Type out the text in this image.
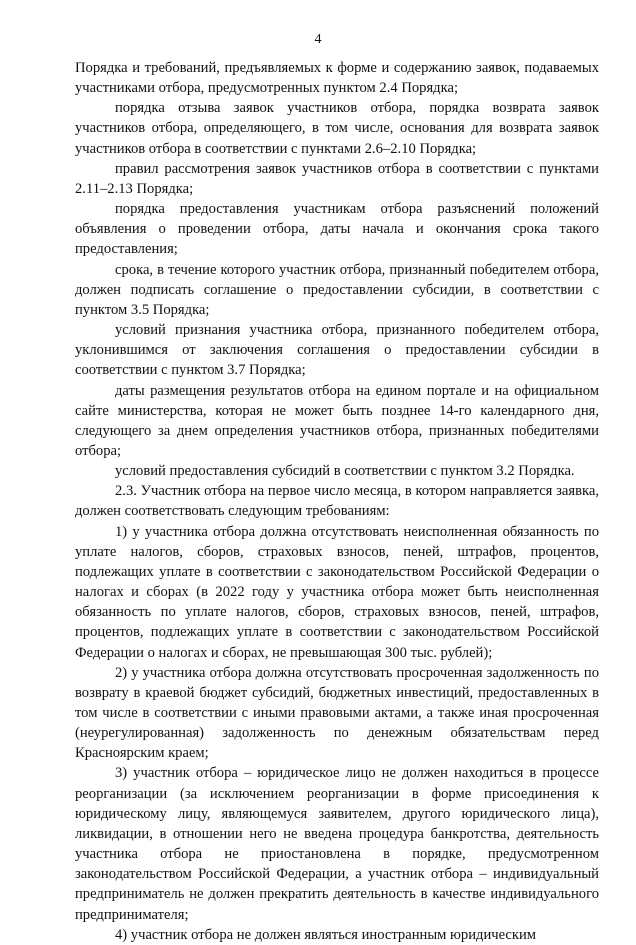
4

Порядка и требований, предъявляемых к форме и содержанию заявок, подаваемых участниками отбора, предусмотренных пунктом 2.4 Порядка;

порядка отзыва заявок участников отбора, порядка возврата заявок участников отбора, определяющего, в том числе, основания для возврата заявок участников отбора в соответствии с пунктами 2.6–2.10 Порядка;

правил рассмотрения заявок участников отбора в соответствии с пунктами 2.11–2.13 Порядка;

порядка предоставления участникам отбора разъяснений положений объявления о проведении отбора, даты начала и окончания срока такого предоставления;

срока, в течение которого участник отбора, признанный победителем отбора, должен подписать соглашение о предоставлении субсидии, в соответствии с пунктом 3.5 Порядка;

условий признания участника отбора, признанного победителем отбора, уклонившимся от заключения соглашения о предоставлении субсидии в соответствии с пунктом 3.7 Порядка;

даты размещения результатов отбора на едином портале и на официальном сайте министерства, которая не может быть позднее 14-го календарного дня, следующего за днем определения участников отбора, признанных победителями отбора;

условий предоставления субсидий в соответствии с пунктом 3.2 Порядка.

2.3. Участник отбора на первое число месяца, в котором направляется заявка, должен соответствовать следующим требованиям:

1) у участника отбора должна отсутствовать неисполненная обязанность по уплате налогов, сборов, страховых взносов, пеней, штрафов, процентов, подлежащих уплате в соответствии с законодательством Российской Федерации о налогах и сборах (в 2022 году у участника отбора может быть неисполненная обязанность по уплате налогов, сборов, страховых взносов, пеней, штрафов, процентов, подлежащих уплате в соответствии с законодательством Российской Федерации о налогах и сборах, не превышающая 300 тыс. рублей);

2) у участника отбора должна отсутствовать просроченная задолженность по возврату в краевой бюджет субсидий, бюджетных инвестиций, предоставленных в том числе в соответствии с иными правовыми актами, а также иная просроченная (неурегулированная) задолженность по денежным обязательствам перед Красноярским краем;

3) участник отбора – юридическое лицо не должен находиться в процессе реорганизации (за исключением реорганизации в форме присоединения к юридическому лицу, являющемуся заявителем, другого юридического лица), ликвидации, в отношении него не введена процедура банкротства, деятельность участника отбора не приостановлена в порядке, предусмотренном законодательством Российской Федерации, а участник отбора – индивидуальный предприниматель не должен прекратить деятельность в качестве индивидуального предпринимателя;

4) участник отбора не должен являться иностранным юридическим
